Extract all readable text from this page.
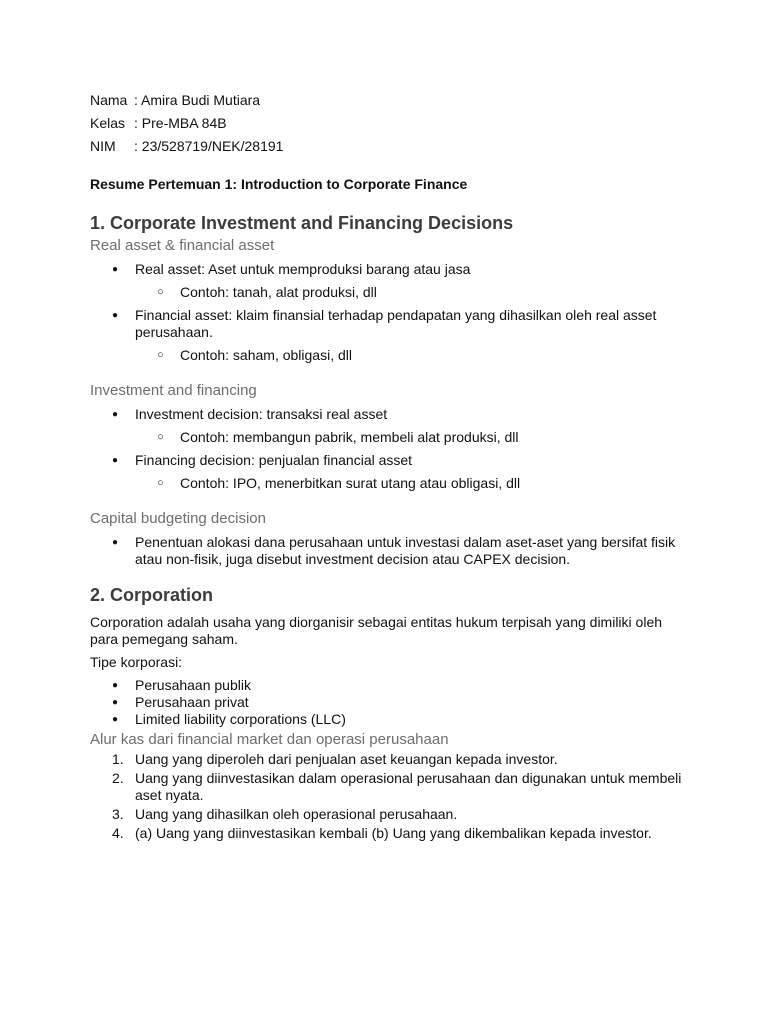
Nama : Amira Budi Mutiara
Kelas : Pre-MBA 84B
NIM	: 23/528719/NEK/28191
Resume Pertemuan 1: Introduction to Corporate Finance
1. Corporate Investment and Financing Decisions
Real asset & financial asset
● Real asset: Aset untuk memproduksi barang atau jasa
○ Contoh: tanah, alat produksi, dll
● Financial asset: klaim finansial terhadap pendapatan yang dihasilkan oleh real asset perusahaan.
○ Contoh: saham, obligasi, dll
Investment and financing
● Investment decision: transaksi real asset
○ Contoh: membangun pabrik, membeli alat produksi, dll
● Financing decision: penjualan financial asset
○ Contoh: IPO, menerbitkan surat utang atau obligasi, dll
Capital budgeting decision
● Penentuan alokasi dana perusahaan untuk investasi dalam aset-aset yang bersifat fisik atau non-fisik, juga disebut investment decision atau CAPEX decision.
2. Corporation

Corporation adalah usaha yang diorganisir sebagai entitas hukum terpisah yang dimiliki oleh para pemegang saham.

Tipe korporasi:

● Perusahaan publik
● Perusahaan privat
● Limited liability corporations (LLC)
Alur kas dari financial market dan operasi perusahaan
1. Uang yang diperoleh dari penjualan aset keuangan kepada investor.
2. Uang yang diinvestasikan dalam operasional perusahaan dan digunakan untuk membeli aset nyata.
3. Uang yang dihasilkan oleh operasional perusahaan.
4. (a) Uang yang diinvestasikan kembali (b) Uang yang dikembalikan kepada investor.
